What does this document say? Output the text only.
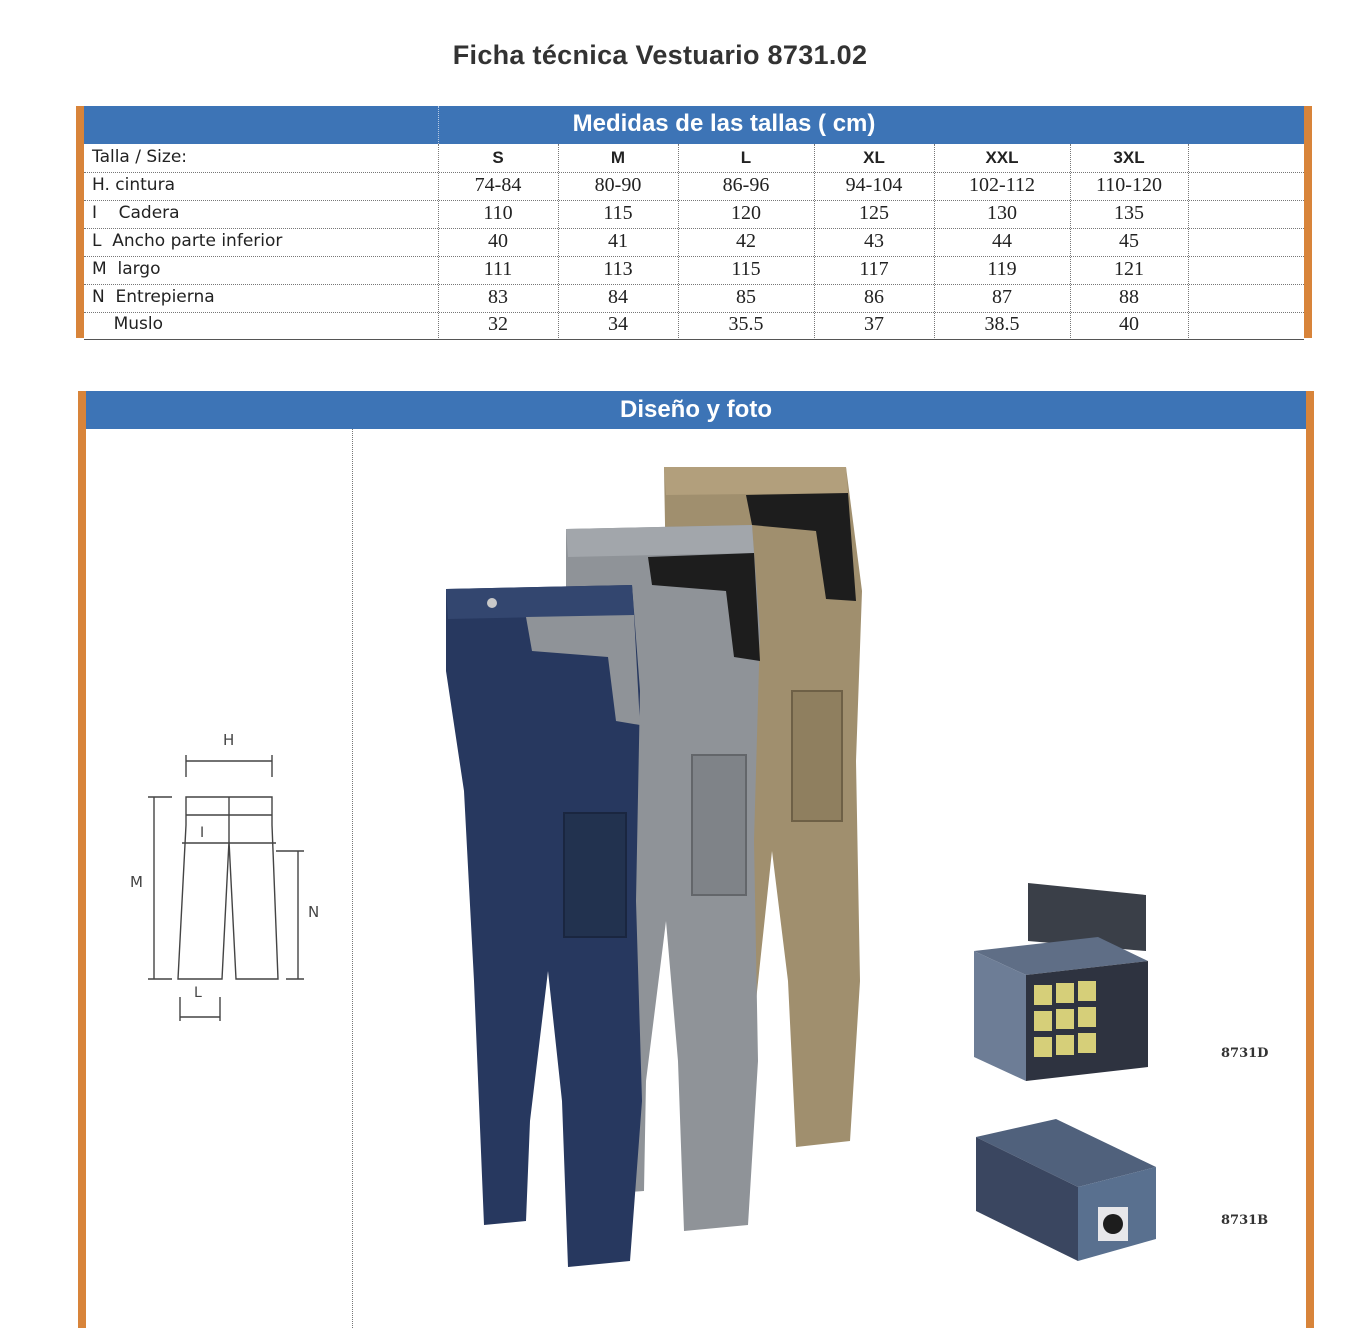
Ficha técnica Vestuario 8731.02
Medidas de las tallas ( cm)
Talla / Size:	S	M	L	XL	XXL	3XL
H. cintura	74-84	80-90	86-96	94-104	102-112	110-120
I    Cadera	110	115	120	125	130	135
L  Ancho parte inferior	40	41	42	43	44	45
M  largo	111	113	115	117	119	121
N  Entrepierna	83	84	85	86	87	88
Muslo	32	34	35.5	37	38.5	40
Diseño y foto
H
I
M
N
L
8731D
8731B
